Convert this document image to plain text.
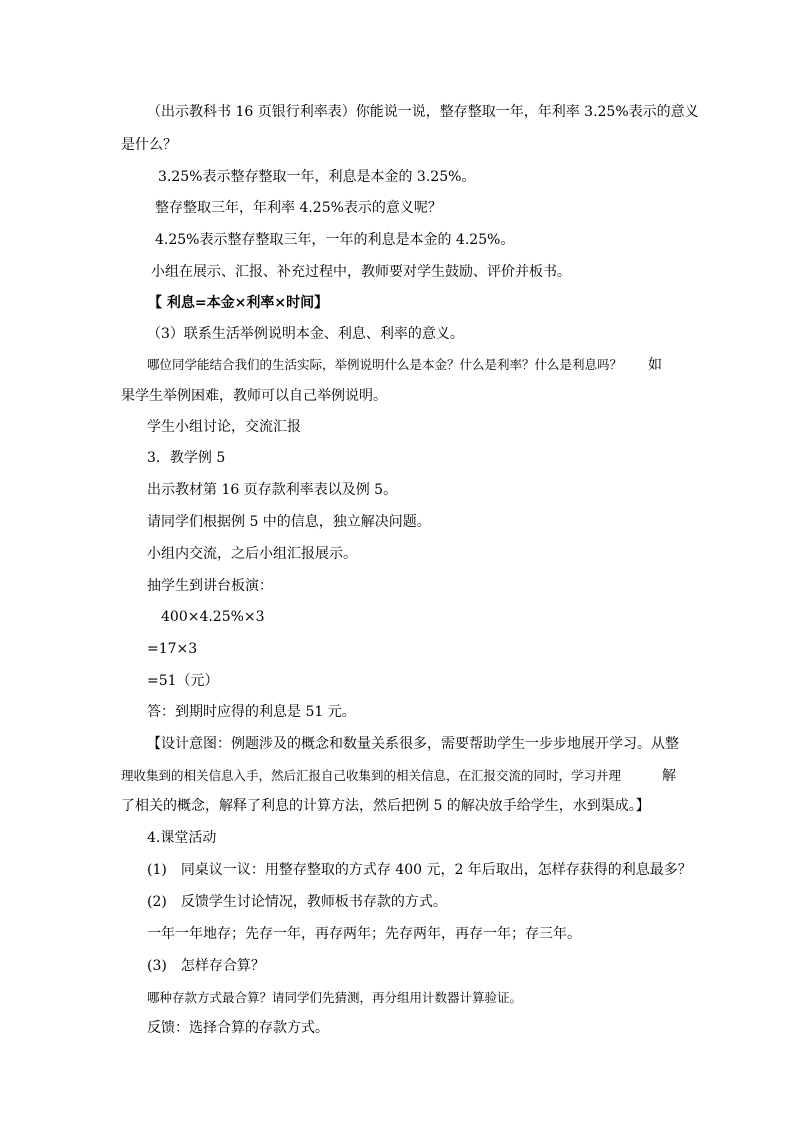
（出示教科书 16 页银行利率表）你能说一说，整存整取一年，年利率 3.25%表示的意义
是什么？
3.25%表示整存整取一年，利息是本金的 3.25%。
整存整取三年，年利率 4.25%表示的意义呢？
4.25%表示整存整取三年，一年的利息是本金的 4.25%。
小组在展示、汇报、补充过程中，教师要对学生鼓励、评价并板书。
【 利息=本金×利率×时间】
（3）联系生活举例说明本金、利息、利率的意义。
哪位同学能结合我们的生活实际，举例说明什么是本金？什么是利率？什么是利息吗？ 如
果学生举例困难，教师可以自己举例说明。
学生小组讨论，交流汇报
3．教学例 5
出示教材第 16 页存款利率表以及例 5。
请同学们根据例 5 中的信息，独立解决问题。
小组内交流，之后小组汇报展示。
抽学生到讲台板演：
400×4.25%×3
=17×3
=51（元）
答：到期时应得的利息是 51 元。
【设计意图：例题涉及的概念和数量关系很多，需要帮助学生一步步地展开学习。从整
理收集到的相关信息入手，然后汇报自己收集到的相关信息，在汇报交流的同时，学习并理	解
了相关的概念，解释了利息的计算方法，然后把例 5 的解决放手给学生，水到渠成。】
4.课堂活动
(1)　同桌议一议：用整存整取的方式存 400 元，2 年后取出，怎样存获得的利息最多？
(2)　反馈学生讨论情况，教师板书存款的方式。
一年一年地存；先存一年，再存两年；先存两年，再存一年；存三年。
(3)　怎样存合算？
哪种存款方式最合算？请同学们先猜测，再分组用计数器计算验证。
反馈：选择合算的存款方式。
